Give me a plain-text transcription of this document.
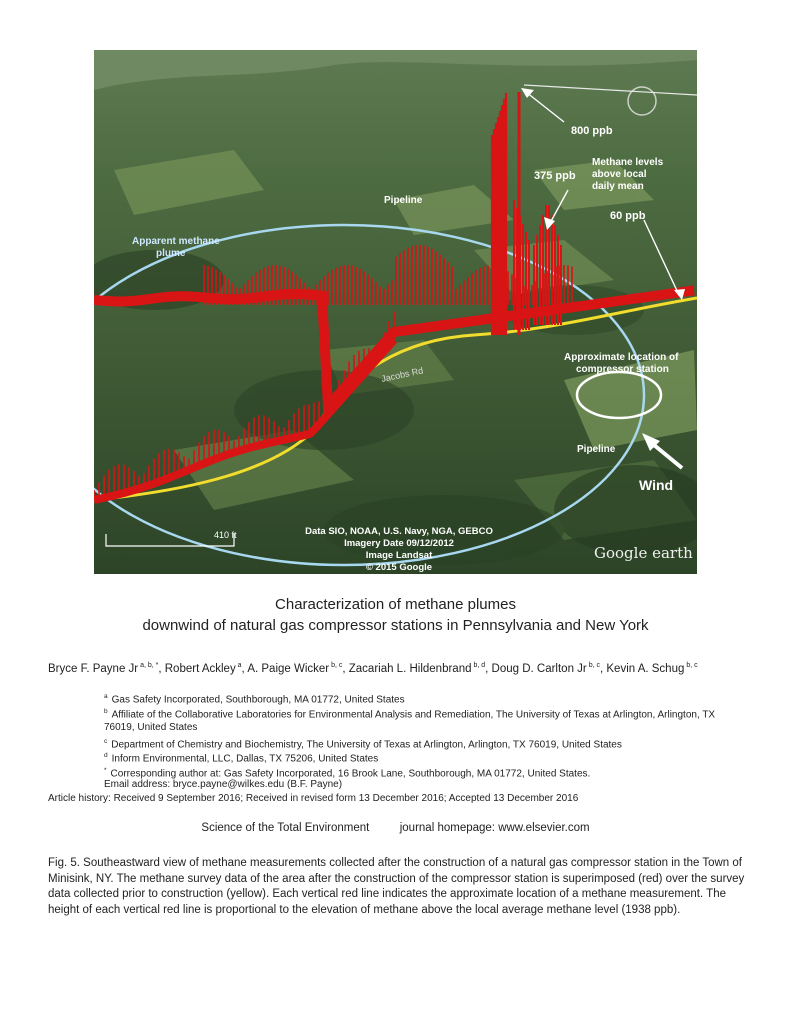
800 ppb
Methane levels
above local
daily mean
375 ppb
60 ppb
Pipeline
Apparent methane
plume
Jacobs Rd
Approximate location of
compressor station
Pipeline
Wind
410 ft	Data SIO, NOAA, U.S. Navy, NGA, GEBCO
Imagery Date 09/12/2012
Image Landsat
© 2015 Google
Google earth
Characterization of methane plumes
downwind of natural gas compressor stations in Pennsylvania and New York
Bryce F. Payne Jr $^{a, b, *}$, Robert Ackley $^a$, A. Paige Wicker $^{b, c}$, Zacariah L. Hildenbrand $^{b, d}$, Doug D. Carlton Jr $^{b, c}$, Kevin A. Schug $^{b, c}$
$^a$ Gas Safety Incorporated, Southborough, MA 01772, United States
$^b$ Affiliate of the Collaborative Laboratories for Environmental Analysis and Remediation, The University of Texas at Arlington, Arlington, TX 76019, United States
$^c$ Department of Chemistry and Biochemistry, The University of Texas at Arlington, Arlington, TX 76019, United States
$^d$ Inform Environmental, LLC, Dallas, TX 75206, United States
* Corresponding author at: Gas Safety Incorporated, 16 Brook Lane, Southborough, MA 01772, United States.
Email address: bryce.payne@wilkes.edu (B.F. Payne)
Article history: Received 9 September 2016; Received in revised form 13 December 2016; Accepted 13 December 2016
Science of the Total Environment	journal homepage: www.elsevier.com
Fig. 5. Southeastward view of methane measurements collected after the construction of a natural gas compressor station in the Town of Minisink, NY. The methane survey data of the area after the construction of the compressor station is superimposed (red) over the survey data collected prior to construction (yellow). Each vertical red line indicates the approximate location of a methane measurement. The height of each vertical red line is proportional to the elevation of methane above the local average methane level (1938 ppb).
